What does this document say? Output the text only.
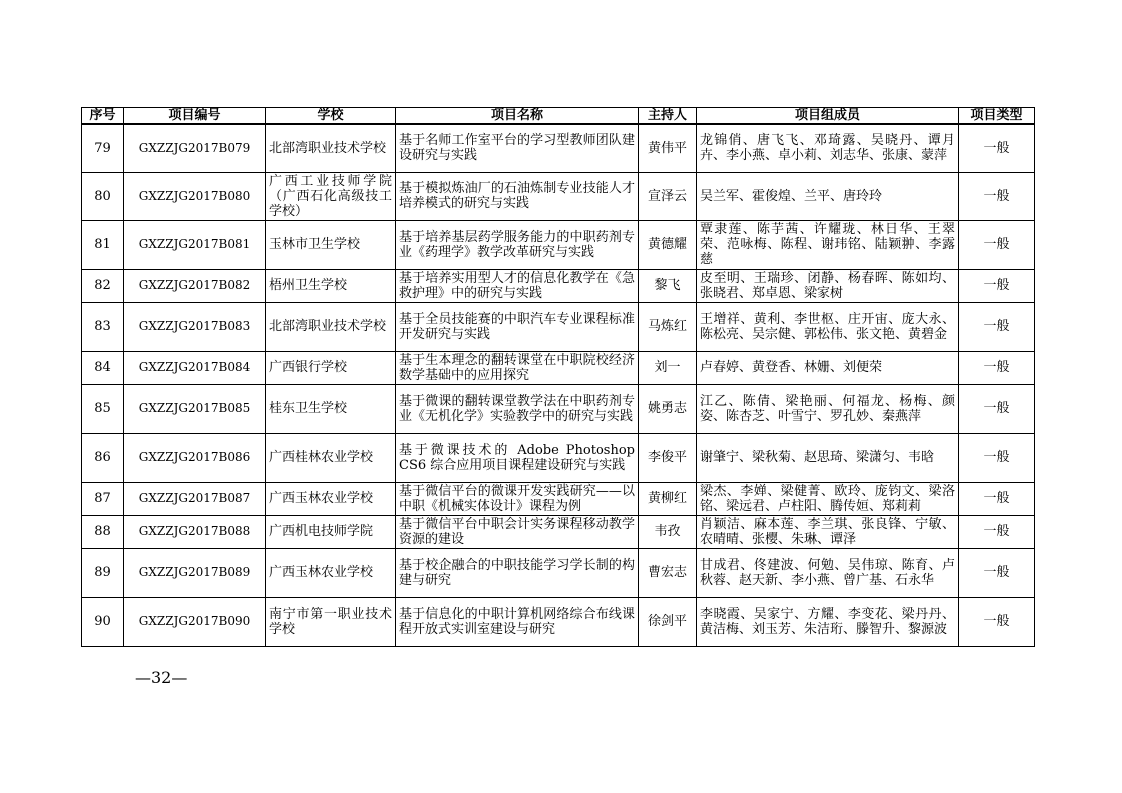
序号	项目编号	学校	项目名称	主持人	项目组成员	项目类型
79	GXZZJG2017B079	北部湾职业技术学校	基于名师工作室平台的学习型教师团队建设研究与实践	黄伟平	龙锦俏、唐飞飞、邓琦露、吴晓丹、谭月卉、李小燕、卓小莉、刘志华、张康、蒙萍	一般
80	GXZZJG2017B080	广西工业技师学院（广西石化高级技工学校）	基于模拟炼油厂的石油炼制专业技能人才培养模式的研究与实践	宣泽云	吴兰军、霍俊煌、兰平、唐玲玲	一般
81	GXZZJG2017B081	玉林市卫生学校	基于培养基层药学服务能力的中职药剂专业《药理学》教学改革研究与实践	黄德耀	覃隶莲、陈芋茜、许耀珑、林日华、王翠荣、范咏梅、陈程、谢玮铭、陆颖翀、李露慈	一般
82	GXZZJG2017B082	梧州卫生学校	基于培养实用型人才的信息化教学在《急救护理》中的研究与实践	黎飞	皮至明、王瑞珍、闭静、杨春晖、陈如均、张晓君、郑卓恩、梁家树	一般
83	GXZZJG2017B083	北部湾职业技术学校	基于全员技能赛的中职汽车专业课程标准开发研究与实践	马炼红	王增祥、黄利、李世枢、庄开宙、庞大永、陈松亮、吴宗健、郭松伟、张文艳、黄碧金	一般
84	GXZZJG2017B084	广西银行学校	基于生本理念的翻转课堂在中职院校经济数学基础中的应用探究	刘一	卢春婷、黄登香、林姗、刘便荣	一般
85	GXZZJG2017B085	桂东卫生学校	基于微课的翻转课堂教学法在中职药剂专业《无机化学》实验教学中的研究与实践	姚勇志	江乙、陈倩、梁艳丽、何福龙、杨梅、颜姿、陈杏芝、叶雪宁、罗孔妙、秦燕萍	一般
86	GXZZJG2017B086	广西桂林农业学校	基于微课技术的 Adobe Photoshop CS6 综合应用项目课程建设研究与实践	李俊平	谢肇宁、梁秋菊、赵思琦、梁潇匀、韦晗	一般
87	GXZZJG2017B087	广西玉林农业学校	基于微信平台的微课开发实践研究——以中职《机械实体设计》课程为例	黄柳红	梁杰、李婵、梁健菁、欧玲、庞钧文、梁洛铭、梁远君、卢柱阳、腾传姮、郑莉莉	一般
88	GXZZJG2017B088	广西机电技师学院	基于微信平台中职会计实务课程移动教学资源的建设	韦孜	肖颖洁、麻本莲、李兰琪、张良锋、宁敏、农晴晴、张樱、朱琳、谭泽	一般
89	GXZZJG2017B089	广西玉林农业学校	基于校企融合的中职技能学习学长制的构建与研究	曹宏志	甘成君、佟建波、何勉、吴伟琼、陈育、卢秋蓉、赵天新、李小燕、曾广基、石永华	一般
90	GXZZJG2017B090	南宁市第一职业技术学校	基于信息化的中职计算机网络综合布线课程开放式实训室建设与研究	徐剑平	李晓霞、吴家宁、方耀、李变花、梁丹丹、黄洁梅、刘玉芳、朱洁珩、滕智升、黎源波	一般
—32—
